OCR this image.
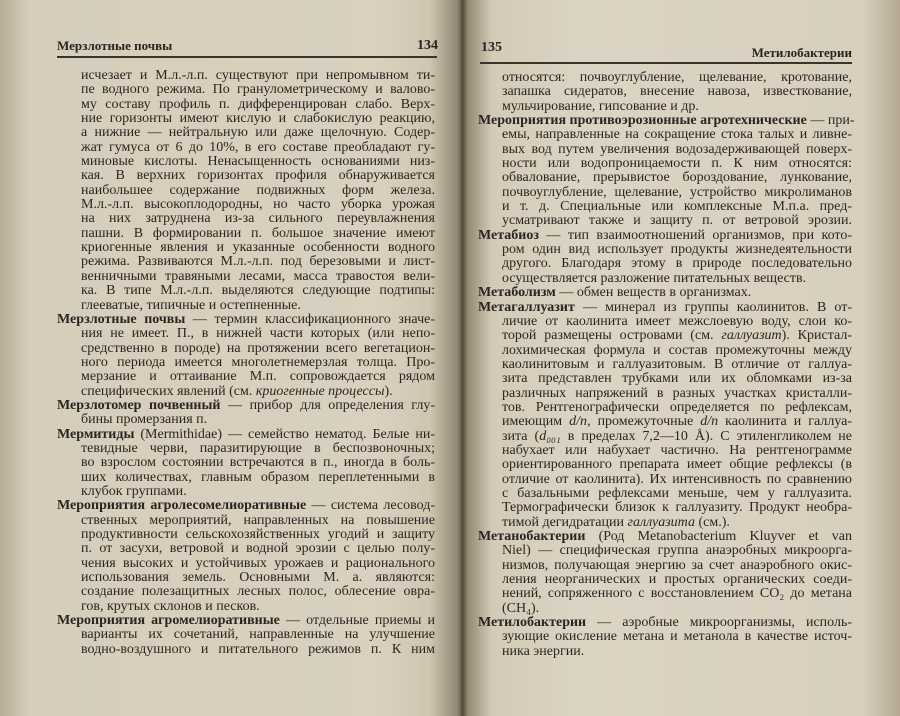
Мерзлотные почвы	134
исчезает и М.л.-л.п. существуют при непромывном ти-
пе водного режима. По гранулометрическому и валово-
му составу профиль п. дифференцирован слабо. Верх-
ние горизонты имеют кислую и слабокислую реакцию,
а нижние — нейтральную или даже щелочную. Содер-
жат гумуса от 6 до 10%, в его составе преобладают гу-
миновые кислоты. Ненасыщенность основаниями низ-
кая. В верхних горизонтах профиля обнаруживается
наибольшее содержание подвижных форм железа.
М.л.-л.п. высокоплодородны, но часто уборка урожая
на них затруднена из-за сильного переувлажнения
пашни. В формировании п. большое значение имеют
криогенные явления и указанные особенности водного
режима. Развиваются М.л.-л.п. под березовыми и лист-
венничными травяными лесами, масса травостоя вели-
ка. В типе М.л.-л.п. выделяются следующие подтипы:
глееватые, типичные и остепненные.
Мерзлотные почвы — термин классификационного значе-
ния не имеет. П., в нижней части которых (или непо-
средственно в породе) на протяжении всего вегетацион-
ного периода имеется многолетнемерзлая толща. Про-
мерзание и оттаивание М.п. сопровождается рядом
специфических явлений (см. криогенные процессы).
Мерзлотомер почвенный — прибор для определения глу-
бины промерзания п.
Мермитиды (Mermithidae) — семейство нематод. Белые ни-
тевидные черви, паразитирующие в беспозвоночных;
во взрослом состоянии встречаются в п., иногда в боль-
ших количествах, главным образом переплетенными в
клубок группами.
Мероприятия агролесомелиоративные — система лесовод-
ственных мероприятий, направленных на повышение
продуктивности сельскохозяйственных угодий и защиту
п. от засухи, ветровой и водной эрозии с целью полу-
чения высоких и устойчивых урожаев и рационального
использования земель. Основными М. а. являются:
создание полезащитных лесных полос, облесение овра-
гов, крутых склонов и песков.
Мероприятия агромелиоративные — отдельные приемы и
варианты их сочетаний, направленные на улучшение
водно-воздушного и питательного режимов п. К ним
135	Метилобактерии
относятся: почвоуглубление, щелевание, кротование,
запашка сидератов, внесение навоза, известкование,
мульчирование, гипсование и др.
Мероприятия противоэрозионные агротехнические — при-
емы, направленные на сокращение стока талых и ливне-
вых вод путем увеличения водозадерживающей поверх-
ности или водопроницаемости п. К ним относятся:
обвалование, прерывистое бороздование, лункование,
почвоуглубление, щелевание, устройство микролиманов
и т. д. Специальные или комплексные М.п.а. пред-
усматривают также и защиту п. от ветровой эрозии.
Метабиоз — тип взаимоотношений организмов, при кото-
ром один вид использует продукты жизнедеятельности
другого. Благодаря этому в природе последовательно
осуществляется разложение питательных веществ.
Метаболизм — обмен веществ в организмах.
Метагаллуазит — минерал из группы каолинитов. В от-
личие от каолинита имеет межслоевую воду, слои ко-
торой размещены островами (см. галлуазит). Кристал-
лохимическая формула и состав промежуточны между
каолинитовым и галлуазитовым. В отличие от галлуа-
зита представлен трубками или их обломками из-за
различных напряжений в разных участках кристалли-
тов. Рентгенографически определяется по рефлексам,
имеющим d/n, промежуточные d/n каолинита и галлуа-
зита (d₀₀₁ в пределах 7,2—10 Å). С этиленгликолем не
набухает или набухает частично. На рентгенограмме
ориентированного препарата имеет общие рефлексы (в
отличие от каолинита). Их интенсивность по сравнению
с базальными рефлексами меньше, чем у галлуазита.
Термографически близок к галлуазиту. Продукт необра-
тимой дегидратации галлуазита (см.).
Метанобактерии (Род Metanobacterium Kluyver et van
Niel) — специфическая группа анаэробных микроорга-
низмов, получающая энергию за счет анаэробного окис-
ления неорганических и простых органических соеди-
нений, сопряженного с восстановлением CO₂ до метана
(CH₄).
Метилобактерии — аэробные микроорганизмы, исполь-
зующие окисление метана и метанола в качестве источ-
ника энергии.
